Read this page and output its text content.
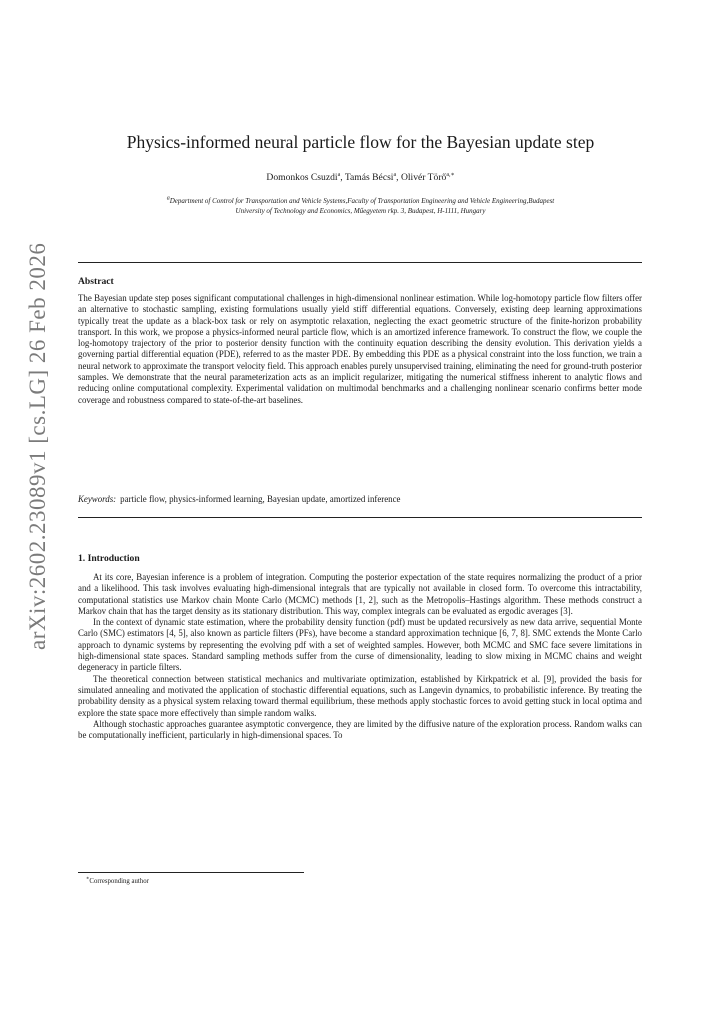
arXiv:2602.23089v1 [cs.LG] 26 Feb 2026
Physics-informed neural particle flow for the Bayesian update step
Domonkos Csuzdi$^a$, Tamás Bécsi$^a$, Olivér Törő$^{a,∗}$
$^a$Department of Control for Transportation and Vehicle Systems,Faculty of Transportation Engineering and Vehicle Engineering,Budapest
University of Technology and Economics, Műegyetem rkp. 3, Budapest, H-1111, Hungary
Abstract

The Bayesian update step poses significant computational challenges in high-dimensional nonlinear estimation. While log-homotopy particle flow filters offer an alternative to stochastic sampling, existing formulations usually yield stiff differential equations. Conversely, existing deep learning approximations typically treat the update as a black-box task or rely on asymptotic relaxation, neglecting the exact geometric structure of the finite-horizon probability transport. In this work, we propose a physics-informed neural particle flow, which is an amortized inference framework. To construct the flow, we couple the log-homotopy trajectory of the prior to posterior density function with the continuity equation describing the density evolution. This derivation yields a governing partial differential equation (PDE), referred to as the master PDE. By embedding this PDE as a physical constraint into the loss function, we train a neural network to approximate the transport velocity field. This approach enables purely unsupervised training, eliminating the need for ground-truth posterior samples. We demonstrate that the neural parameterization acts as an implicit regularizer, mitigating the numerical stiffness inherent to analytic flows and reducing online computational complexity. Experimental validation on multimodal benchmarks and a challenging nonlinear scenario confirms better mode coverage and robustness compared to state-of-the-art baselines.

Keywords: particle flow, physics-informed learning, Bayesian update, amortized inference

1. Introduction

At its core, Bayesian inference is a problem of integration. Computing the posterior expectation of the state requires normalizing the product of a prior and a likelihood. This task involves evaluating high-dimensional integrals that are typically not available in closed form. To overcome this intractability, computational statistics use Markov chain Monte Carlo (MCMC) methods [1, 2], such as the Metropolis–Hastings algorithm. These methods construct a Markov chain that has the target density as its stationary distribution. This way, complex integrals can be evaluated as ergodic averages [3].

In the context of dynamic state estimation, where the probability density function (pdf) must be updated recursively as new data arrive, sequential Monte Carlo (SMC) estimators [4, 5], also known as particle filters (PFs), have become a standard approximation technique [6, 7, 8]. SMC extends the Monte Carlo approach to dynamic systems by representing the evolving pdf with a set of weighted samples. However, both MCMC and SMC face severe limitations in high-dimensional state spaces. Standard sampling methods suffer from the curse of dimensionality, leading to slow mixing in MCMC chains and weight degeneracy in particle filters.

The theoretical connection between statistical mechanics and multivariate optimization, established by Kirkpatrick et al. [9], provided the basis for simulated annealing and motivated the application of stochastic differential equations, such as Langevin dynamics, to probabilistic inference. By treating the probability density as a physical system relaxing toward thermal equilibrium, these methods apply stochastic forces to avoid getting stuck in local optima and explore the state space more effectively than simple random walks.

Although stochastic approaches guarantee asymptotic convergence, they are limited by the diffusive nature of the exploration process. Random walks can be computationally inefficient, particularly in high-dimensional spaces. To

∗Corresponding author
